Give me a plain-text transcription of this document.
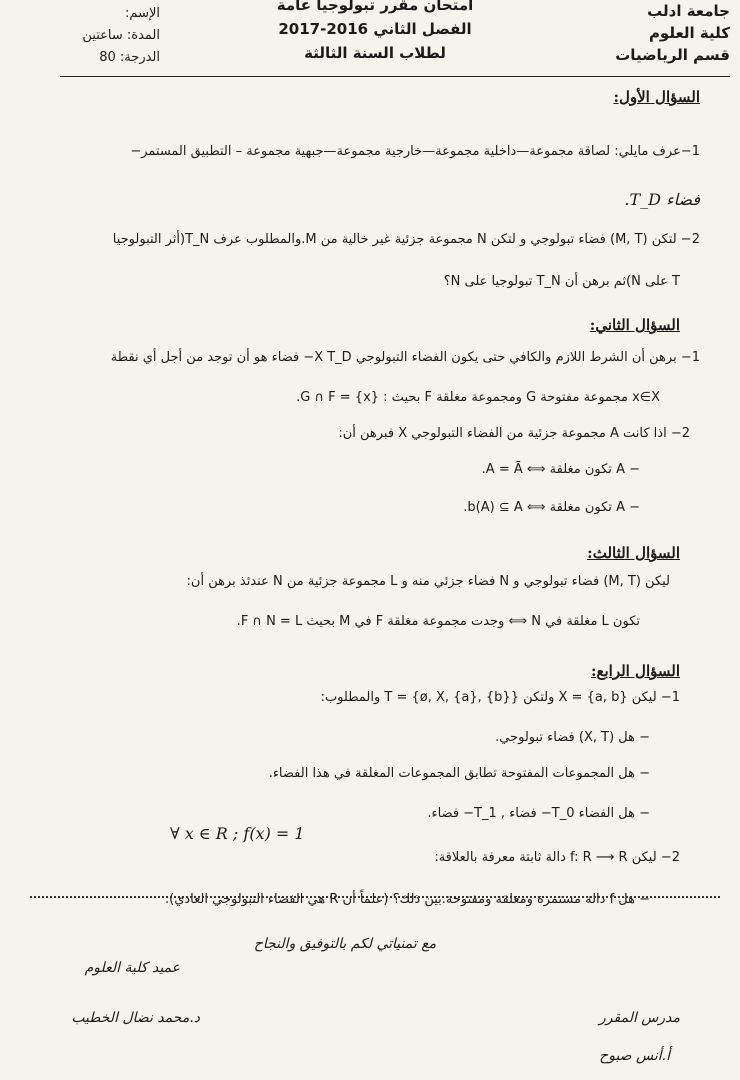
جامعة ادلب
كلية العلوم
قسم الرياضيات
امتحان مقرر تبولوجيا عامة
الفصل الثاني 2016-2017
لطلاب السنة الثالثة
الإسم:
المدة: ساعتين
الدرجة: 80
السؤال الأول:
1−عرف مايلي: لصاقة مجموعة—داخلية مجموعة—خارجية مجموعة—جبهية مجموعة – التطبيق المستمر−
فضاء T_D.
2− لتكن (M, T) فضاء تبولوجي و لتكن N مجموعة جزئية غير خالية من M.والمطلوب عرف T_N(أثر التبولوجيا
T على N)ثم برهن أن T_N تبولوجيا على N؟
السؤال الثاني:
1− برهن أن الشرط اللازم والكافي حتى يكون الفضاء التبولوجي X T_D− فضاء هو أن توجد من أجل أي نقطة
x∈X مجموعة مفتوحة G ومجموعة مغلقة F بحيث : {x} = G ∩ F.
2− اذا كانت A مجموعة جزئية من الفضاء التبولوجي X فبرهن أن:
− A تكون مغلقة ⟺ A = Ā.
− A تكون مغلقة ⟺ b(A) ⊆ A.
السؤال الثالث:
ليكن (M, T) فضاء تبولوجي و N فضاء جزئي منه و L مجموعة جزئية من N عندئذ برهن أن:
تكون L مغلقة في N ⟺ وجدت مجموعة مغلقة F في M بحيث F ∩ N = L.
السؤال الرابع:
1− ليكن X = {a, b} ولتكن T = {ø, X, {a}, {b}} والمطلوب:
− هل (X, T) فضاء تبولوجي.
− هل المجموعات المفتوحة تطابق المجموعات المغلقة في هذا الفضاء.
− هل الفضاء T_0− فضاء , T_1− فضاء.
2− ليكن f: R ⟶ R دالة ثابتة معرفة بالعلاقة:
∀ x ∈ R ; f(x) = 1
− هل f دالة مستمرة ومغلقة ومفتوحة.بين ذلك؟ (علماً أن R هي الفضاء التبولوجي العادي).
مع تمنياتي لكم بالتوفيق والنجاح
عميد كلية العلوم
د.محمد نضال الخطيب	مدرس المقرر
أ.أنس صبوح
